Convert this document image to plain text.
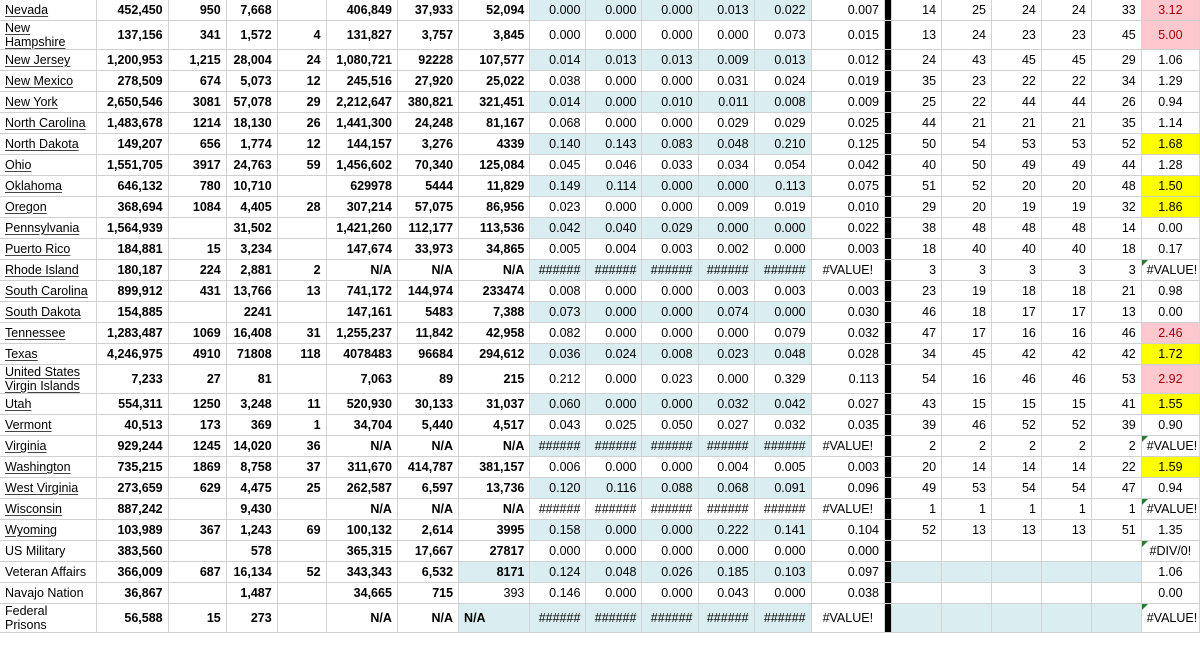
Nevada	452,450	950	7,668		406,849	37,933	52,094	0.000	0.000	0.000	0.013	0.022	0.007		14	25	24	24	33	3.12
New Hampshire	137,156	341	1,572	4	131,827	3,757	3,845	0.000	0.000	0.000	0.000	0.073	0.015		13	24	23	23	45	5.00
New Jersey	1,200,953	1,215	28,004	24	1,080,721	92228	107,577	0.014	0.013	0.013	0.009	0.013	0.012		24	43	45	45	29	1.06
New Mexico	278,509	674	5,073	12	245,516	27,920	25,022	0.038	0.000	0.000	0.031	0.024	0.019		35	23	22	22	34	1.29
New York	2,650,546	3081	57,078	29	2,212,647	380,821	321,451	0.014	0.000	0.010	0.011	0.008	0.009		25	22	44	44	26	0.94
North Carolina	1,483,678	1214	18,130	26	1,441,300	24,248	81,167	0.068	0.000	0.000	0.029	0.029	0.025		44	21	21	21	35	1.14
North Dakota	149,207	656	1,774	12	144,157	3,276	4339	0.140	0.143	0.083	0.048	0.210	0.125		50	54	53	53	52	1.68
Ohio	1,551,705	3917	24,763	59	1,456,602	70,340	125,084	0.045	0.046	0.033	0.034	0.054	0.042		40	50	49	49	44	1.28
Oklahoma	646,132	780	10,710		629978	5444	11,829	0.149	0.114	0.000	0.000	0.113	0.075		51	52	20	20	48	1.50
Oregon	368,694	1084	4,405	28	307,214	57,075	86,956	0.023	0.000	0.000	0.009	0.019	0.010		29	20	19	19	32	1.86
Pennsylvania	1,564,939		31,502		1,421,260	112,177	113,536	0.042	0.040	0.029	0.000	0.000	0.022		38	48	48	48	14	0.00
Puerto Rico	184,881	15	3,234		147,674	33,973	34,865	0.005	0.004	0.003	0.002	0.000	0.003		18	40	40	40	18	0.17
Rhode Island	180,187	224	2,881	2	N/A	N/A	N/A	######	######	######	######	######	#VALUE!		3	3	3	3	3	#VALUE!
South Carolina	899,912	431	13,766	13	741,172	144,974	233474	0.008	0.000	0.000	0.003	0.003	0.003		23	19	18	18	21	0.98
South Dakota	154,885		2241		147,161	5483	7,388	0.073	0.000	0.000	0.074	0.000	0.030		46	18	17	17	13	0.00
Tennessee	1,283,487	1069	16,408	31	1,255,237	11,842	42,958	0.082	0.000	0.000	0.000	0.079	0.032		47	17	16	16	46	2.46
Texas	4,246,975	4910	71808	118	4078483	96684	294,612	0.036	0.024	0.008	0.023	0.048	0.028		34	45	42	42	42	1.72
United States Virgin Islands	7,233	27	81		7,063	89	215	0.212	0.000	0.023	0.000	0.329	0.113		54	16	46	46	53	2.92
Utah	554,311	1250	3,248	11	520,930	30,133	31,037	0.060	0.000	0.000	0.032	0.042	0.027		43	15	15	15	41	1.55
Vermont	40,513	173	369	1	34,704	5,440	4,517	0.043	0.025	0.050	0.027	0.032	0.035		39	46	52	52	39	0.90
Virginia	929,244	1245	14,020	36	N/A	N/A	N/A	######	######	######	######	######	#VALUE!		2	2	2	2	2	#VALUE!
Washington	735,215	1869	8,758	37	311,670	414,787	381,157	0.006	0.000	0.000	0.004	0.005	0.003		20	14	14	14	22	1.59
West Virginia	273,659	629	4,475	25	262,587	6,597	13,736	0.120	0.116	0.088	0.068	0.091	0.096		49	53	54	54	47	0.94
Wisconsin	887,242		9,430		N/A	N/A	N/A	######	######	######	######	######	#VALUE!		1	1	1	1	1	#VALUE!
Wyoming	103,989	367	1,243	69	100,132	2,614	3995	0.158	0.000	0.000	0.222	0.141	0.104		52	13	13	13	51	1.35
US Military	383,560		578		365,315	17,667	27817	0.000	0.000	0.000	0.000	0.000	0.000							#DIV/0!
Veteran Affairs	366,009	687	16,134	52	343,343	6,532	8171	0.124	0.048	0.026	0.185	0.103	0.097							1.06
Navajo Nation	36,867		1,487		34,665	715	393	0.146	0.000	0.000	0.043	0.000	0.038							0.00
Federal Prisons	56,588	15	273		N/A	N/A	N/A	######	######	######	######	######	#VALUE!							#VALUE!
